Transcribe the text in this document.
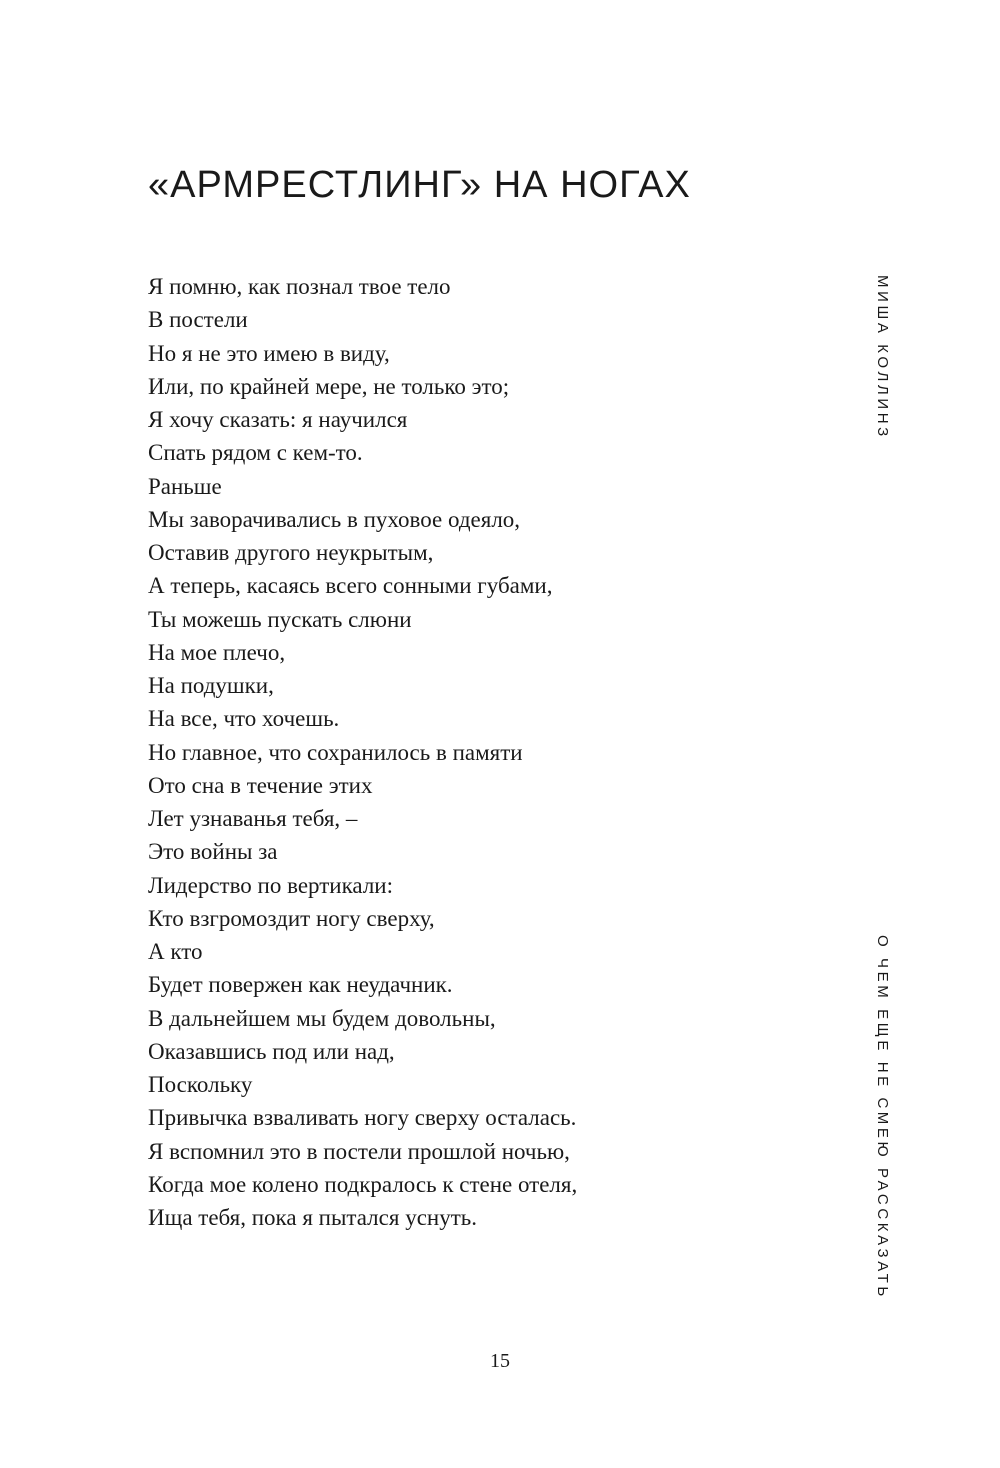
«АРМРЕСТЛИНГ» НА НОГАХ
Я помню, как познал твое тело
В постели
Но я не это имею в виду,
Или, по крайней мере, не только это;
Я хочу сказать: я научился
Спать рядом с кем-то.
Раньше
Мы заворачивались в пуховое одеяло,
Оставив другого неукрытым,
А теперь, касаясь всего сонными губами,
Ты можешь пускать слюни
На мое плечо,
На подушки,
На все, что хочешь.
Но главное, что сохранилось в памяти
Ото сна в течение этих
Лет узнаванья тебя, –
Это войны за
Лидерство по вертикали:
Кто взгромоздит ногу сверху,
А кто
Будет повержен как неудачник.
В дальнейшем мы будем довольны,
Оказавшись под или над,
Поскольку
Привычка взваливать ногу сверху осталась.
Я вспомнил это в постели прошлой ночью,
Когда мое колено подкралось к стене отеля,
Ища тебя, пока я пытался уснуть.
МИША КОЛЛИНЗ
О ЧЕМ ЕЩЕ НЕ СМЕЮ РАССКАЗАТЬ
15
